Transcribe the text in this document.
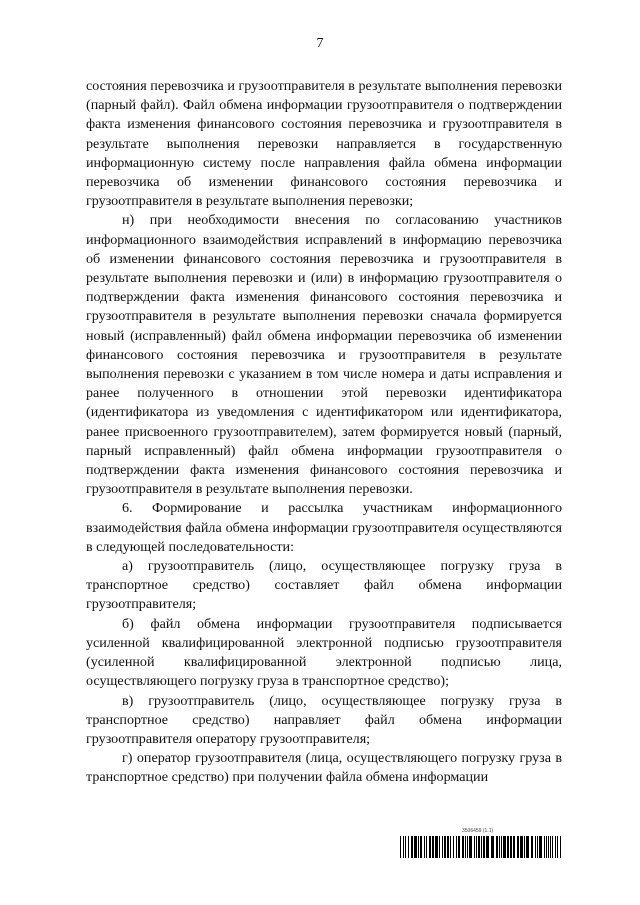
7

состояния перевозчика и грузоотправителя в результате выполнения перевозки (парный файл). Файл обмена информации грузоотправителя о подтверждении факта изменения финансового состояния перевозчика и грузоотправителя в результате выполнения перевозки направляется в государственную информационную систему после направления файла обмена информации перевозчика об изменении финансового состояния перевозчика и грузоотправителя в результате выполнения перевозки;

н) при необходимости внесения по согласованию участников информационного взаимодействия исправлений в информацию перевозчика об изменении финансового состояния перевозчика и грузоотправителя в результате выполнения перевозки и (или) в информацию грузоотправителя о подтверждении факта изменения финансового состояния перевозчика и грузоотправителя в результате выполнения перевозки сначала формируется новый (исправленный) файл обмена информации перевозчика об изменении финансового состояния перевозчика и грузоотправителя в результате выполнения перевозки с указанием в том числе номера и даты исправления и ранее полученного в отношении этой перевозки идентификатора (идентификатора из уведомления с идентификатором или идентификатора, ранее присвоенного грузоотправителем), затем формируется новый (парный, парный исправленный) файл обмена информации грузоотправителя о подтверждении факта изменения финансового состояния перевозчика и грузоотправителя в результате выполнения перевозки.

6. Формирование и рассылка участникам информационного взаимодействия файла обмена информации грузоотправителя осуществляются в следующей последовательности:

а) грузоотправитель (лицо, осуществляющее погрузку груза в транспортное средство) составляет файл обмена информации грузоотправителя;

б) файл обмена информации грузоотправителя подписывается усиленной квалифицированной электронной подписью грузоотправителя (усиленной квалифицированной электронной подписью лица, осуществляющего погрузку груза в транспортное средство);

в) грузоотправитель (лицо, осуществляющее погрузку груза в транспортное средство) направляет файл обмена информации грузоотправителя оператору грузоотправителя;

г) оператор грузоотправителя (лица, осуществляющего погрузку груза в транспортное средство) при получении файла обмена информации

3506459 (1.1)
